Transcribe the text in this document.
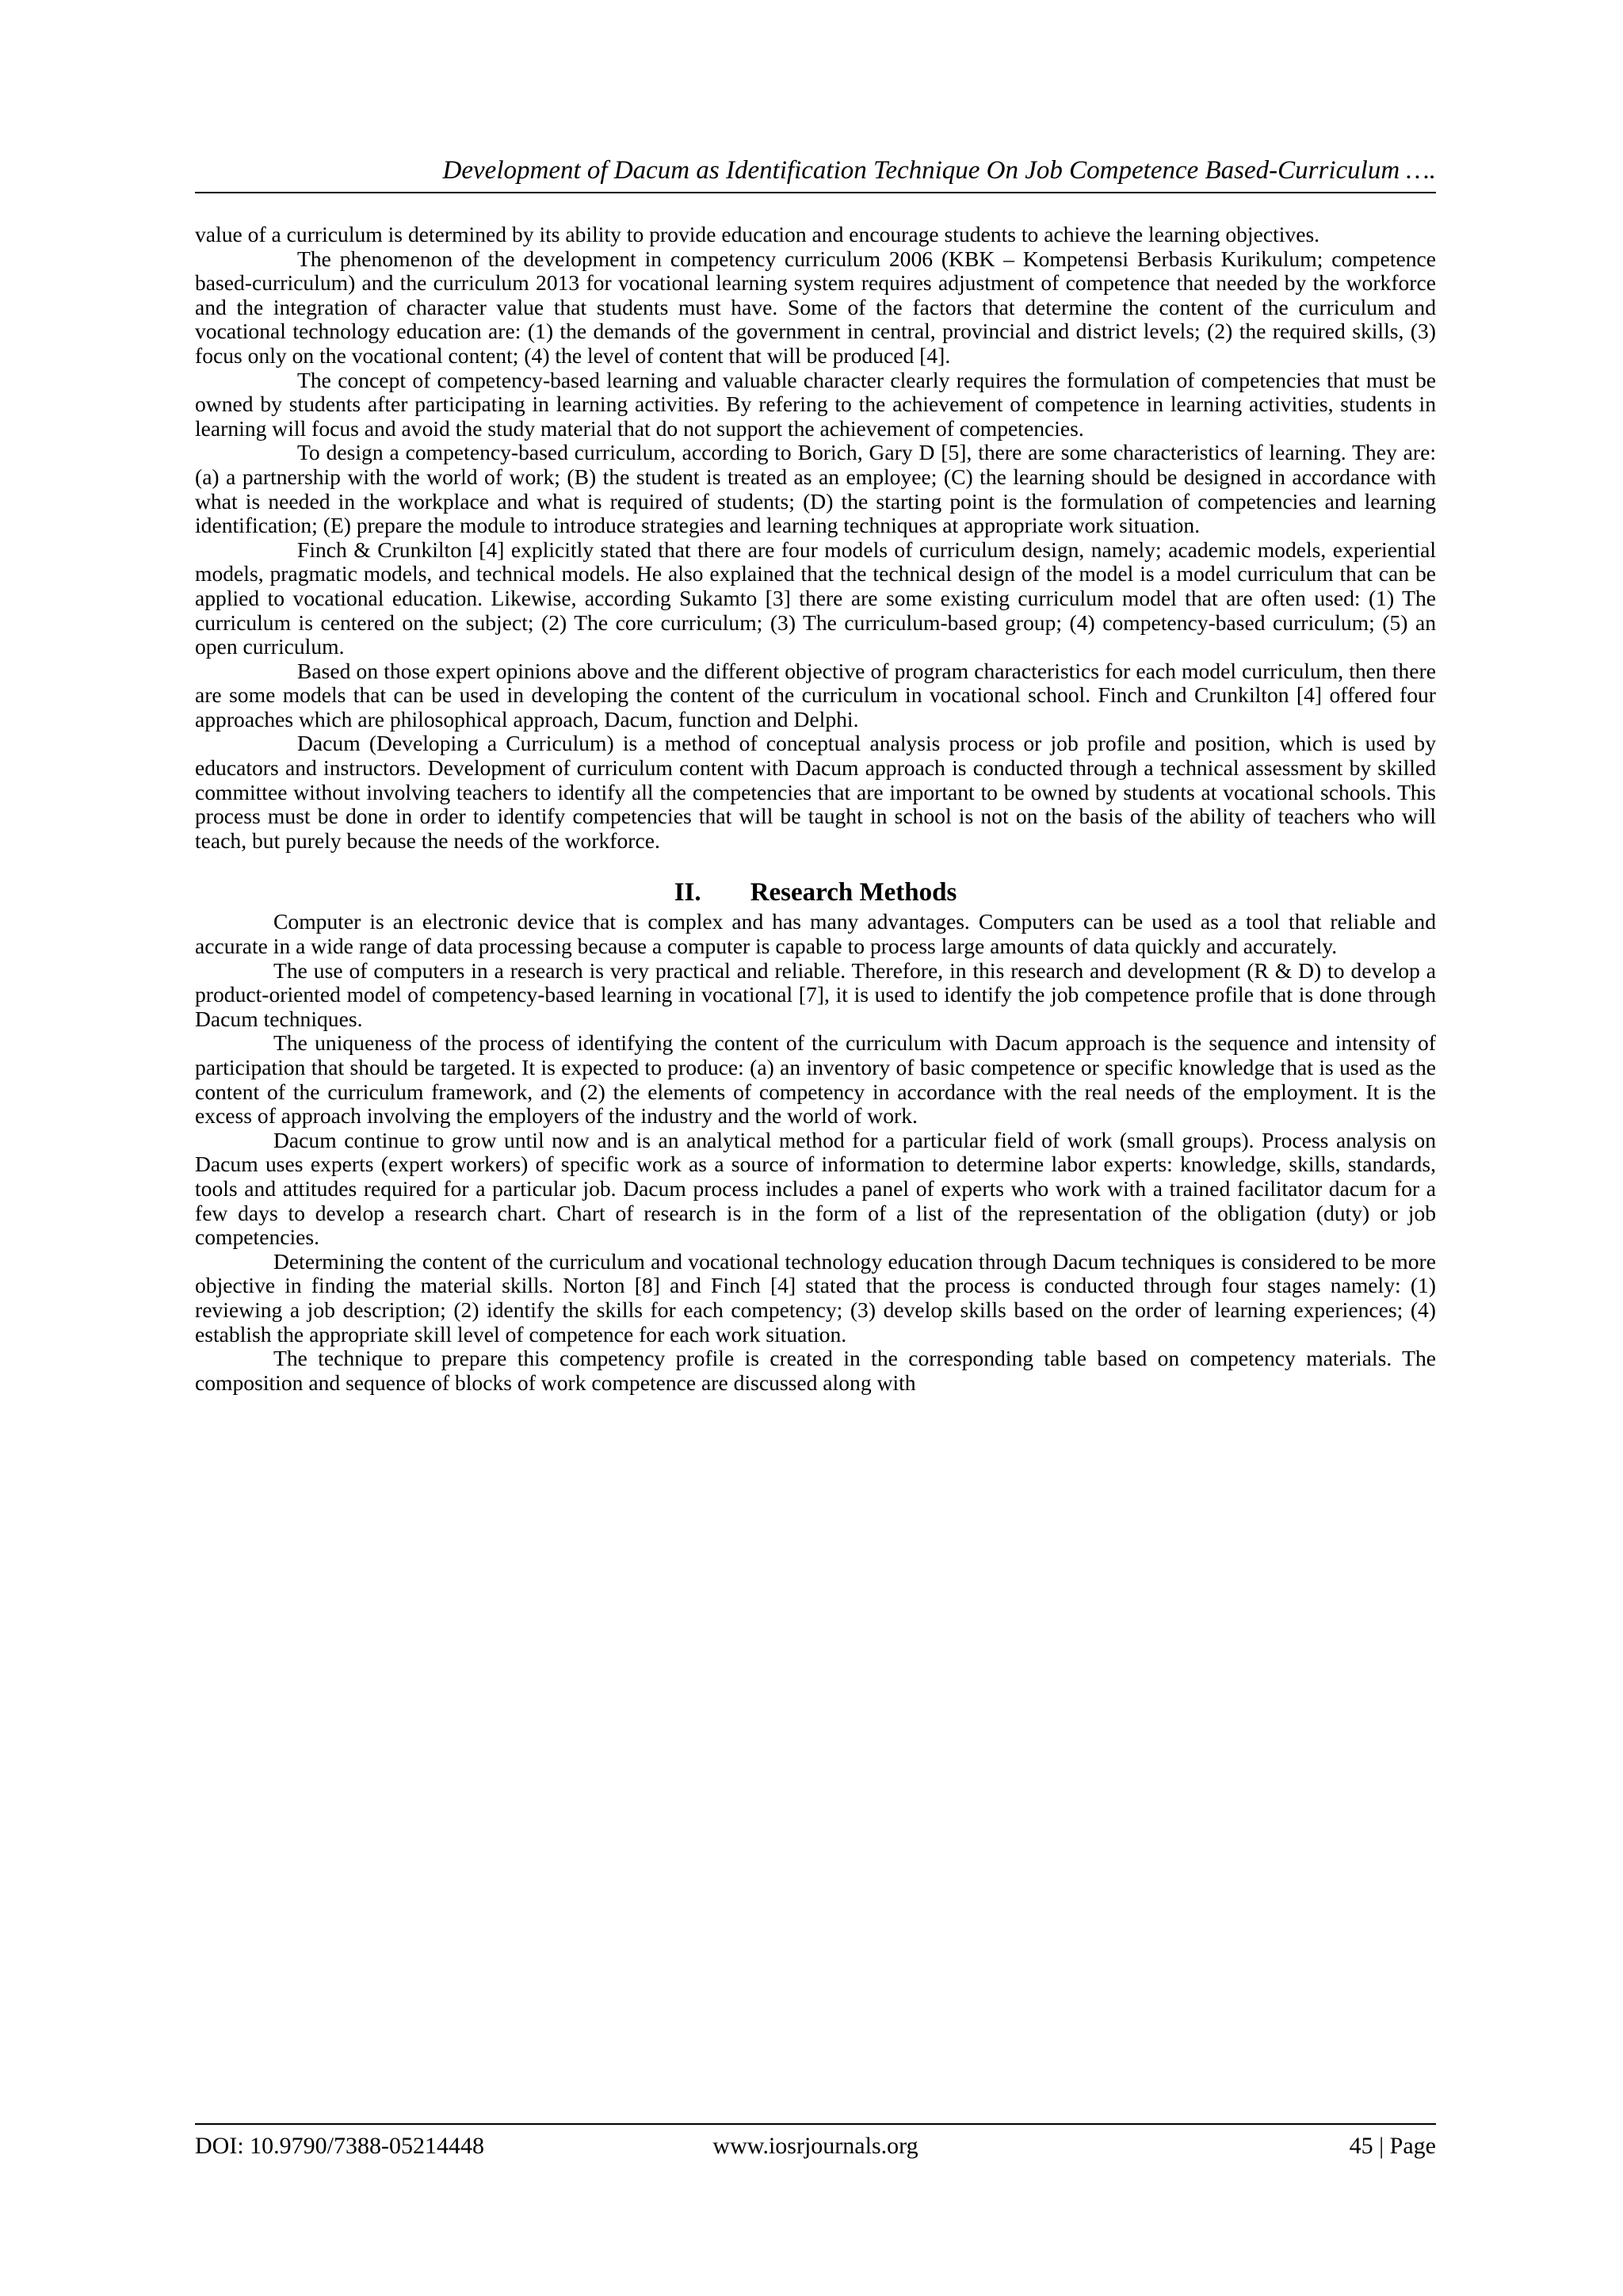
Development of Dacum as Identification Technique On Job Competence Based-Curriculum ….

value of a curriculum is determined by its ability to provide education and encourage students to achieve the learning objectives.

The phenomenon of the development in competency curriculum 2006 (KBK – Kompetensi Berbasis Kurikulum; competence based-curriculum) and the curriculum 2013 for vocational learning system requires adjustment of competence that needed by the workforce and the integration of character value that students must have. Some of the factors that determine the content of the curriculum and vocational technology education are: (1) the demands of the government in central, provincial and district levels; (2) the required skills, (3) focus only on the vocational content; (4) the level of content that will be produced [4].

The concept of competency-based learning and valuable character clearly requires the formulation of competencies that must be owned by students after participating in learning activities. By refering to the achievement of competence in learning activities, students in learning will focus and avoid the study material that do not support the achievement of competencies.

To design a competency-based curriculum, according to Borich, Gary D [5], there are some characteristics of learning. They are: (a) a partnership with the world of work; (B) the student is treated as an employee; (C) the learning should be designed in accordance with what is needed in the workplace and what is required of students; (D) the starting point is the formulation of competencies and learning identification; (E) prepare the module to introduce strategies and learning techniques at appropriate work situation.

Finch & Crunkilton [4] explicitly stated that there are four models of curriculum design, namely; academic models, experiential models, pragmatic models, and technical models. He also explained that the technical design of the model is a model curriculum that can be applied to vocational education. Likewise, according Sukamto [3] there are some existing curriculum model that are often used: (1) The curriculum is centered on the subject; (2) The core curriculum; (3) The curriculum-based group; (4) competency-based curriculum; (5) an open curriculum.

Based on those expert opinions above and the different objective of program characteristics for each model curriculum, then there are some models that can be used in developing the content of the curriculum in vocational school. Finch and Crunkilton [4] offered four approaches which are philosophical approach, Dacum, function and Delphi.

Dacum (Developing a Curriculum) is a method of conceptual analysis process or job profile and position, which is used by educators and instructors. Development of curriculum content with Dacum approach is conducted through a technical assessment by skilled committee without involving teachers to identify all the competencies that are important to be owned by students at vocational schools. This process must be done in order to identify competencies that will be taught in school is not on the basis of the ability of teachers who will teach, but purely because the needs of the workforce.

II. Research Methods

Computer is an electronic device that is complex and has many advantages. Computers can be used as a tool that reliable and accurate in a wide range of data processing because a computer is capable to process large amounts of data quickly and accurately.

The use of computers in a research is very practical and reliable. Therefore, in this research and development (R & D) to develop a product-oriented model of competency-based learning in vocational [7], it is used to identify the job competence profile that is done through Dacum techniques.

The uniqueness of the process of identifying the content of the curriculum with Dacum approach is the sequence and intensity of participation that should be targeted. It is expected to produce: (a) an inventory of basic competence or specific knowledge that is used as the content of the curriculum framework, and (2) the elements of competency in accordance with the real needs of the employment. It is the excess of approach involving the employers of the industry and the world of work.

Dacum continue to grow until now and is an analytical method for a particular field of work (small groups). Process analysis on Dacum uses experts (expert workers) of specific work as a source of information to determine labor experts: knowledge, skills, standards, tools and attitudes required for a particular job. Dacum process includes a panel of experts who work with a trained facilitator dacum for a few days to develop a research chart. Chart of research is in the form of a list of the representation of the obligation (duty) or job competencies.

Determining the content of the curriculum and vocational technology education through Dacum techniques is considered to be more objective in finding the material skills. Norton [8] and Finch [4] stated that the process is conducted through four stages namely: (1) reviewing a job description; (2) identify the skills for each competency; (3) develop skills based on the order of learning experiences; (4) establish the appropriate skill level of competence for each work situation.

The technique to prepare this competency profile is created in the corresponding table based on competency materials. The composition and sequence of blocks of work competence are discussed along with

DOI: 10.9790/7388-05214448	www.iosrjournals.org	45 | Page
